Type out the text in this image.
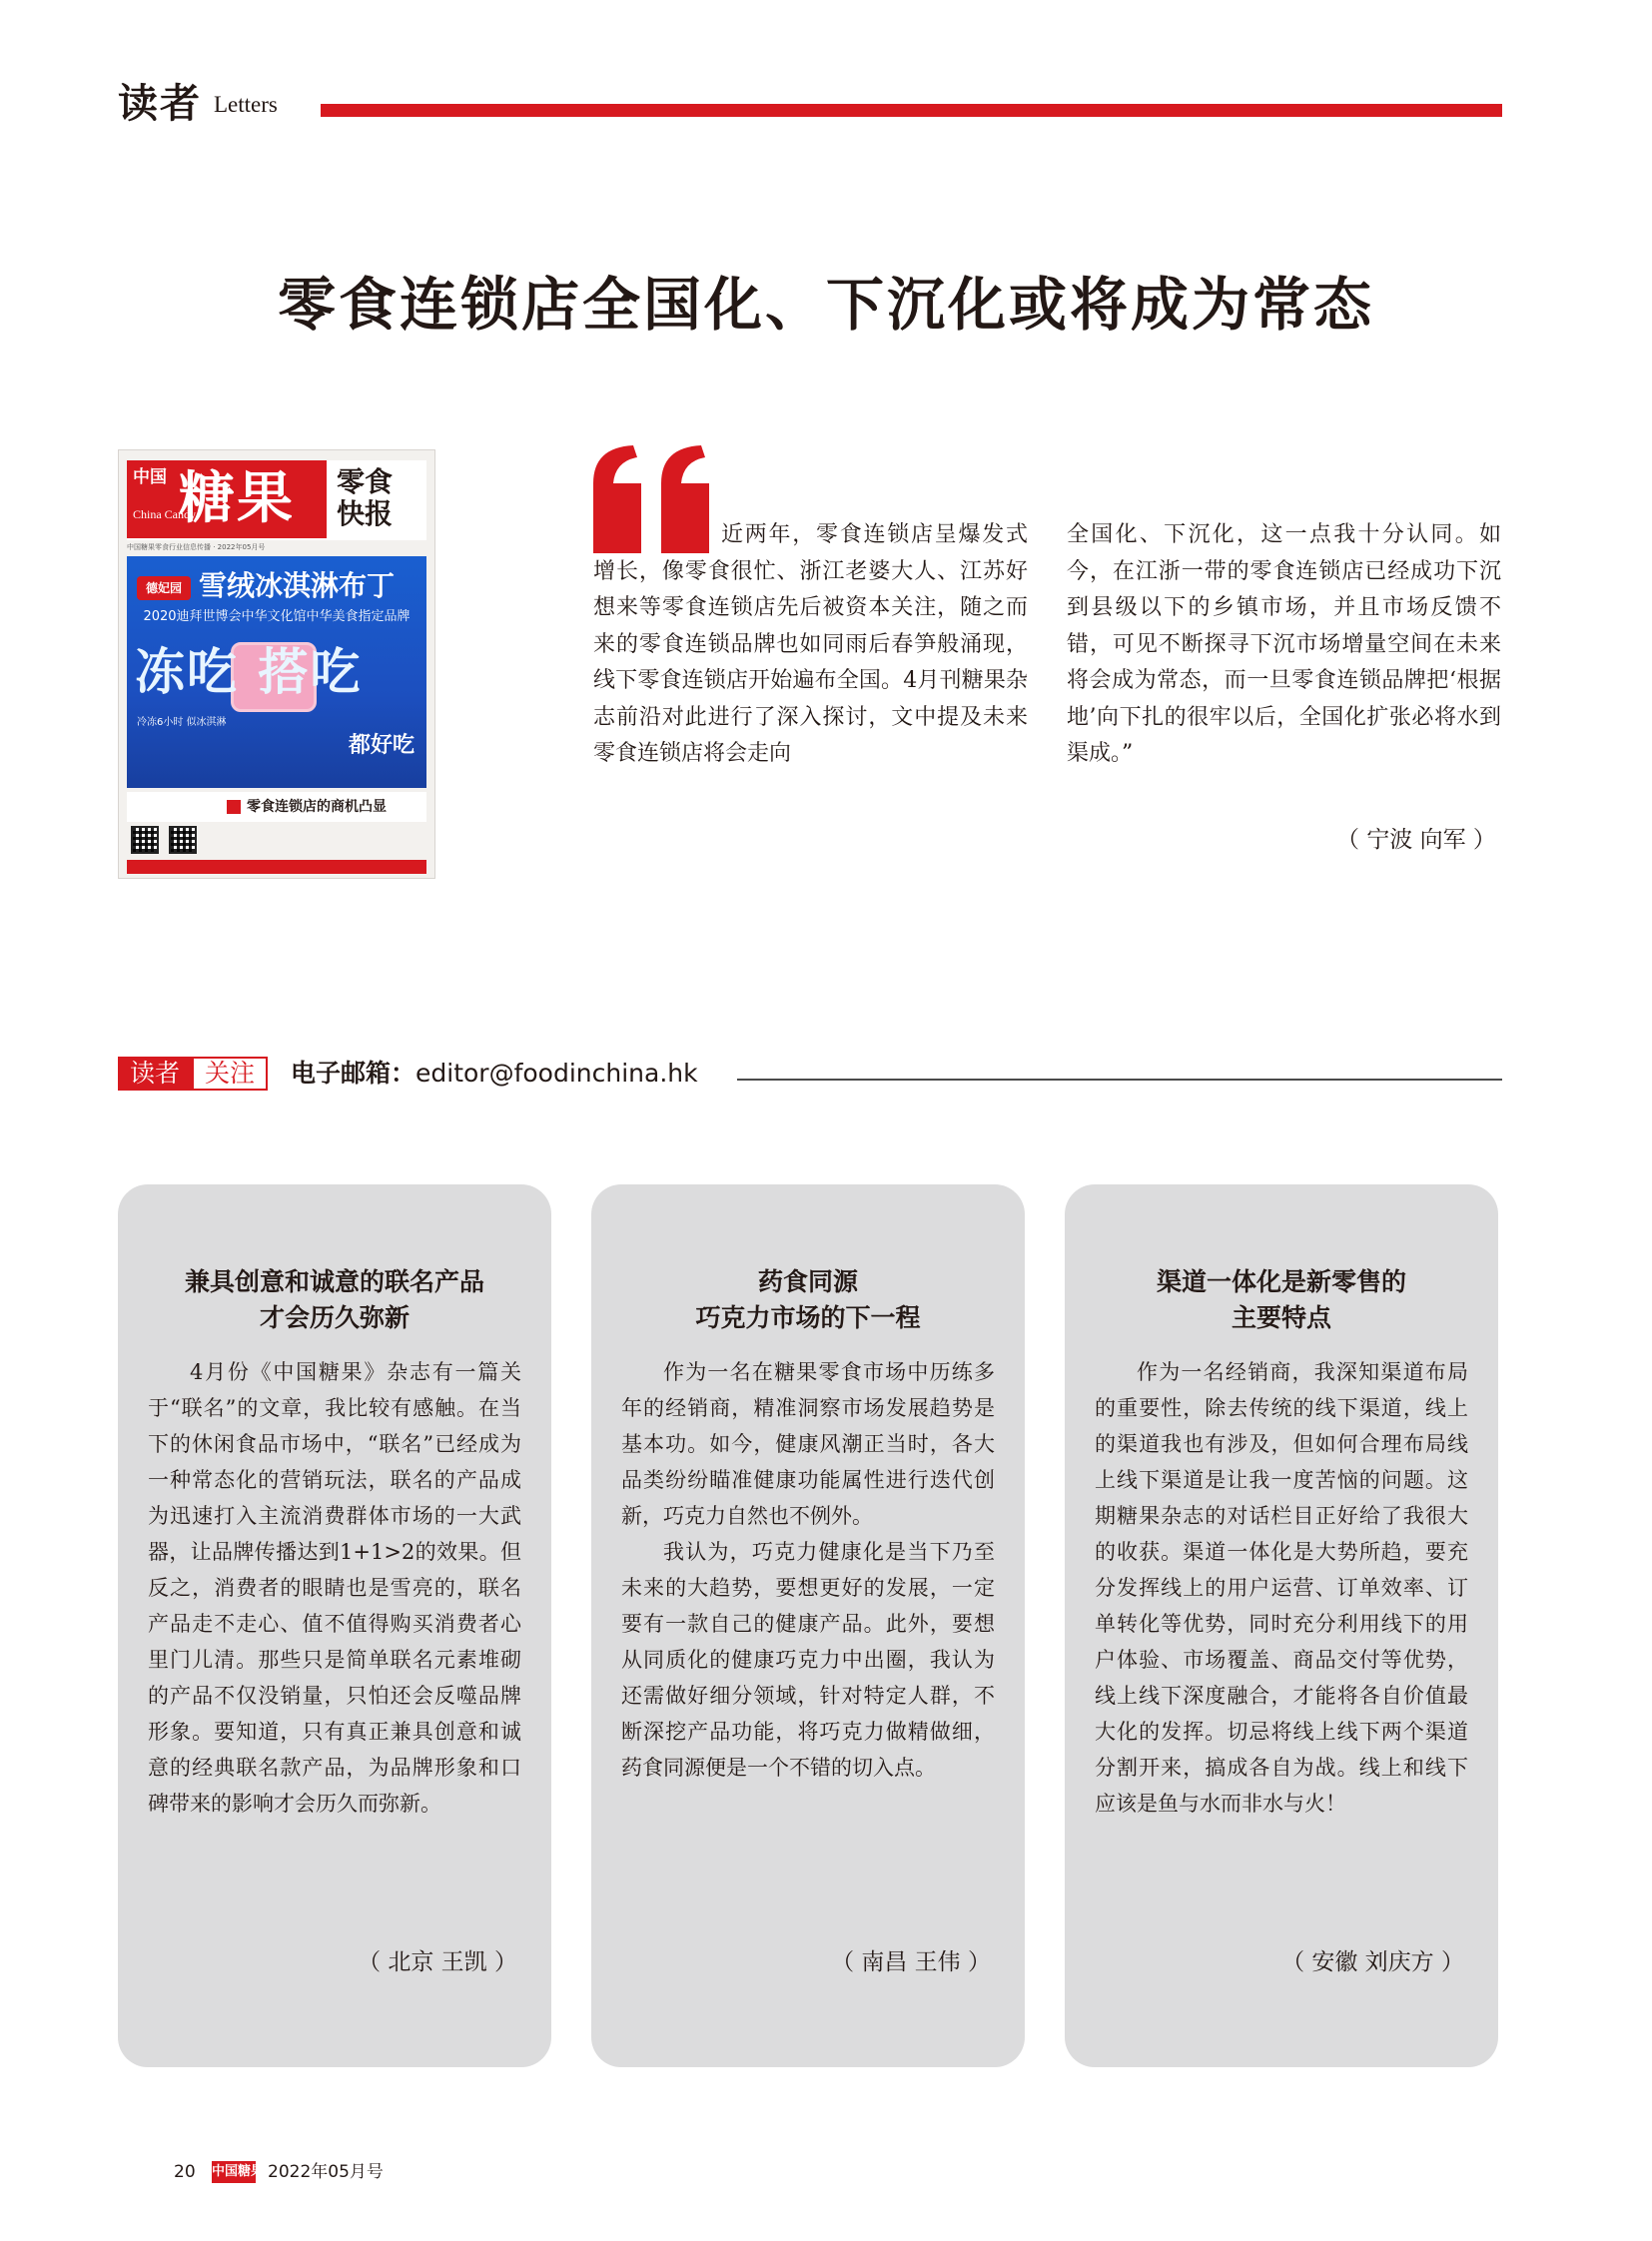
读者 Letters
零食连锁店全国化、下沉化或将成为常态
中国
China Candy
糖果 零食快报
中国糖果零食行业信息传播 · 2022年05月号
德妃园 雪绒冰淇淋布丁
2020迪拜世博会中华文化馆中华美食指定品牌
冻吃 搭吃
冷冻6小时 似冰淇淋
都好吃
零食连锁店的商机凸显

近两年，零食连锁店呈爆发式增长，像零食很忙、浙江老婆大人、江苏好想来等零食连锁店先后被资本关注，随之而来的零食连锁品牌也如同雨后春笋般涌现，线下零食连锁店开始遍布全国。4月刊糖果杂志前沿对此进行了深入探讨，文中提及未来零食连锁店将会走向

全国化、下沉化，这一点我十分认同。如今，在江浙一带的零食连锁店已经成功下沉到县级以下的乡镇市场，并且市场反馈不错，可见不断探寻下沉市场增量空间在未来将会成为常态，而一旦零食连锁品牌把‘根据地’向下扎的很牢以后，全国化扩张必将水到渠成。”

（ 宁波 向军 ）
读者 关注	电子邮箱：editor@foodinchina.hk
兼具创意和诚意的联名产品
才会历久弥新

4月份《中国糖果》杂志有一篇关于“联名”的文章，我比较有感触。在当下的休闲食品市场中，“联名”已经成为一种常态化的营销玩法，联名的产品成为迅速打入主流消费群体市场的一大武器，让品牌传播达到1+1>2的效果。但反之，消费者的眼睛也是雪亮的，联名产品走不走心、值不值得购买消费者心里门儿清。那些只是简单联名元素堆砌的产品不仅没销量，只怕还会反噬品牌形象。要知道，只有真正兼具创意和诚意的经典联名款产品，为品牌形象和口碑带来的影响才会历久而弥新。

（ 北京 王凯 ）
药食同源
巧克力市场的下一程

作为一名在糖果零食市场中历练多年的经销商，精准洞察市场发展趋势是基本功。如今，健康风潮正当时，各大品类纷纷瞄准健康功能属性进行迭代创新，巧克力自然也不例外。

我认为，巧克力健康化是当下乃至未来的大趋势，要想更好的发展，一定要有一款自己的健康产品。此外，要想从同质化的健康巧克力中出圈，我认为还需做好细分领域，针对特定人群，不断深挖产品功能，将巧克力做精做细，药食同源便是一个不错的切入点。

（ 南昌 王伟 ）
渠道一体化是新零售的
主要特点

作为一名经销商，我深知渠道布局的重要性，除去传统的线下渠道，线上的渠道我也有涉及，但如何合理布局线上线下渠道是让我一度苦恼的问题。这期糖果杂志的对话栏目正好给了我很大的收获。渠道一体化是大势所趋，要充分发挥线上的用户运营、订单效率、订单转化等优势，同时充分利用线下的用户体验、市场覆盖、商品交付等优势，线上线下深度融合，才能将各自价值最大化的发挥。切忌将线上线下两个渠道分割开来，搞成各自为战。线上和线下应该是鱼与水而非水与火！

（ 安徽 刘庆方 ）
20 中国糖果 2022年05月号
